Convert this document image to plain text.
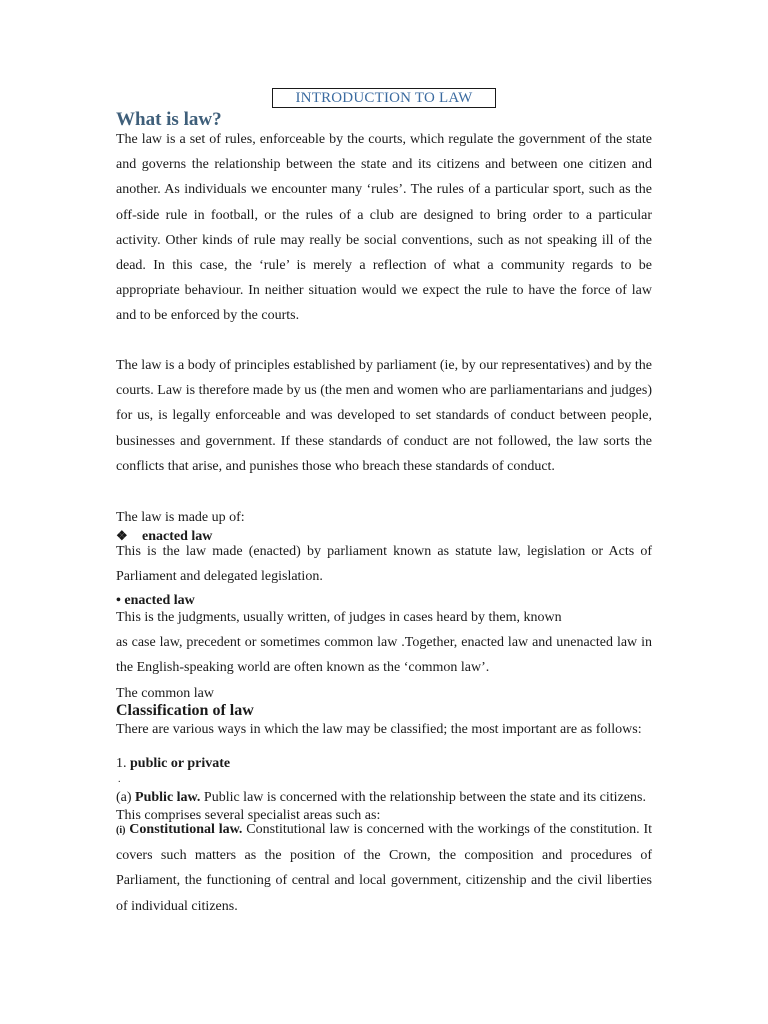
INTRODUCTION TO LAW
What is law?
The law is a set of rules, enforceable by the courts, which regulate the government of the state and governs the relationship between the state and its citizens and between one citizen and another. As individuals we encounter many ‘rules’. The rules of a particular sport, such as the off-side rule in football, or the rules of a club are designed to bring order to a particular activity. Other kinds of rule may really be social conventions, such as not speaking ill of the dead. In this case, the ‘rule’ is merely a reflection of what a community regards to be appropriate behaviour. In neither situation would we expect the rule to have the force of law and to be enforced by the courts.
The law is a body of principles established by parliament (ie, by our representatives) and by the courts. Law is therefore made by us (the men and women who are parliamentarians and judges) for us, is legally enforceable and was developed to set standards of conduct between people, businesses and government. If these standards of conduct are not followed, the law sorts the conflicts that arise, and punishes those who breach these standards of conduct.
The law is made up of:
❖ enacted law
This is the law made (enacted) by parliament known as statute law, legislation or Acts of Parliament and delegated legislation.
• enacted law
This is the judgments, usually written, of judges in cases heard by them, known
as case law, precedent or sometimes common law .Together, enacted law and unenacted law in the English-speaking world are often known as the ‘common law’.
The common law
Classification of law
There are various ways in which the law may be classified; the most important are as follows:
1. public or private
.
(a) Public law. Public law is concerned with the relationship between the state and its citizens. This comprises several specialist areas such as:
(i) Constitutional law. Constitutional law is concerned with the workings of the constitution. It covers such matters as the position of the Crown, the composition and procedures of Parliament, the functioning of central and local government, citizenship and the civil liberties of individual citizens.
